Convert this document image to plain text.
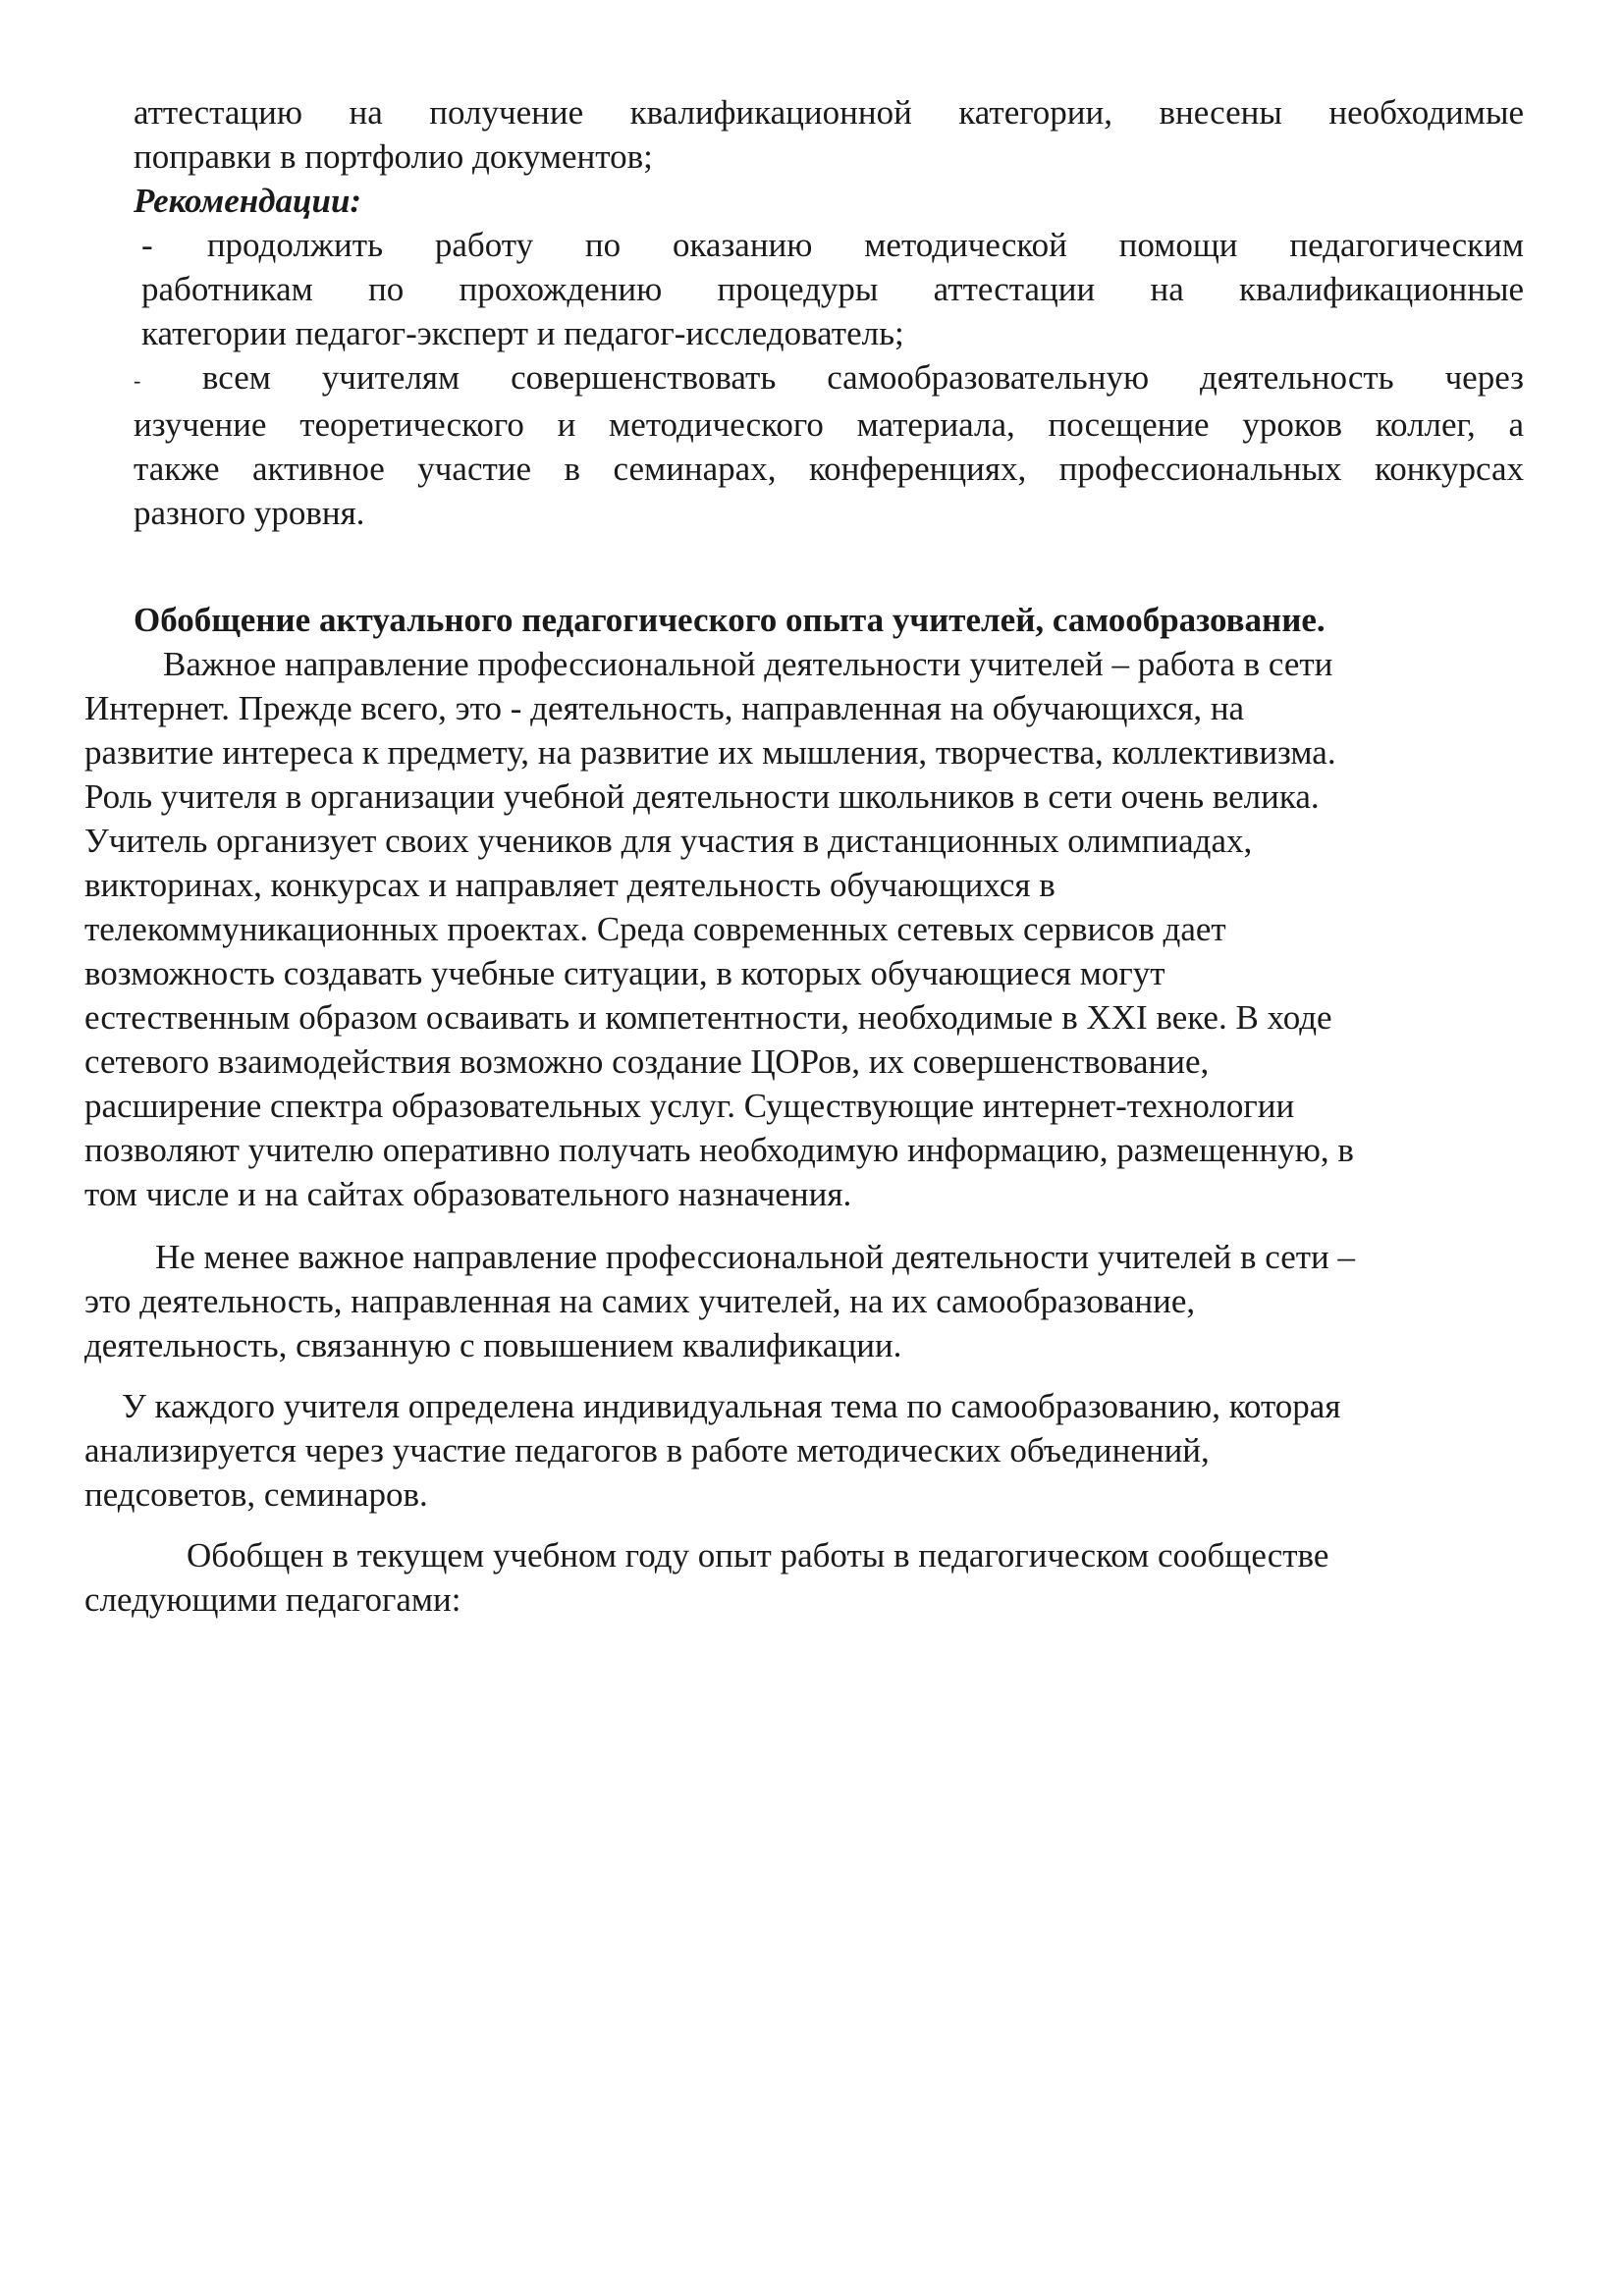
аттестацию на получение квалификационной категории, внесены необходимые
поправки в портфолио документов;
Рекомендации:
- продолжить работу по оказанию методической помощи педагогическим
работникам по прохождению процедуры аттестации на квалификационные
категории педагог-эксперт и педагог-исследователь;
- всем учителям совершенствовать самообразовательную деятельность через
изучение теоретического и методического материала, посещение уроков коллег, а
также активное участие в семинарах, конференциях, профессиональных конкурсах
разного уровня.
Обобщение актуального педагогического опыта учителей, самообразование.
Важное направление профессиональной деятельности учителей – работа в сети
Интернет. Прежде всего, это - деятельность, направленная на обучающихся, на
развитие интереса к предмету, на развитие их мышления, творчества, коллективизма.
Роль учителя в организации учебной деятельности школьников в сети очень велика.
Учитель организует своих учеников для участия в дистанционных олимпиадах,
викторинах, конкурсах и направляет деятельность обучающихся в
телекоммуникационных проектах. Среда современных сетевых сервисов дает
возможность создавать учебные ситуации, в которых обучающиеся могут
естественным образом осваивать и компетентности, необходимые в XXI веке. В ходе
сетевого взаимодействия возможно создание ЦОРов, их совершенствование,
расширение спектра образовательных услуг. Существующие интернет-технологии
позволяют учителю оперативно получать необходимую информацию, размещенную, в
том числе и на сайтах образовательного назначения.
Не менее важное направление профессиональной деятельности учителей в сети –
это деятельность, направленная на самих учителей, на их самообразование,
деятельность, связанную с повышением квалификации.
У каждого учителя определена индивидуальная тема по самообразованию, которая
анализируется через участие педагогов в работе методических объединений,
педсоветов, семинаров.
Обобщен в текущем учебном году опыт работы в педагогическом сообществе
следующими педагогами:
